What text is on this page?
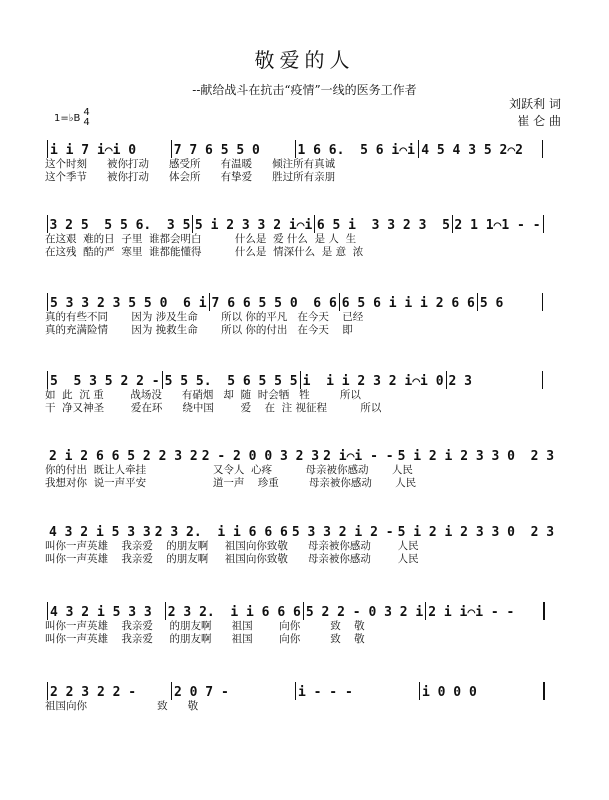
敬爱的人
--献给战斗在抗击“疫情”一线的医务工作者
1=♭B 4
4
刘跃利 词
崔 仑 曲
i i 7 i⌒i 0	7 7 6 5 5 0	1 6 6.  5 6 i⌒i 4 5 4 3 5 2⌒2
这个时刻      被你打动      感受所      有温暖      倾注所有真诚
这个季节      被你打动      体会所      有挚爱      胜过所有亲朋
3 2 5  5 5 6.  3 5 5 i 2 3 3 2 i⌒i 6 5 i  3 3 2 3  5 2 1 1⌒1 - -
在这艰  难的日  子里  谁都会明白          什么是  爱 什么  是 人  生
在这残  酷的严  寒里  谁都能懂得          什么是  情深什么  是 意  浓
5 3 3 2 3 5 5 0  6 i 7 6 6 5 5 0  6 6 6 5 6 i i i 2 6 6 5 6
真的有些不同       因为 涉及生命       所以 你的平凡   在今天    已经
真的充满险情       因为 挽救生命       所以 你的付出   在今天    即
5  5 3 5 2 2 - 5 5 5.  5 6 5 5 5 i  i i 2 3 2 i⌒i 0 2 3
如  此  沉 重        战场没      有硝烟   却  随  时会牺   牲         所以
干  净又神圣        爱在环      绕中国        爱    在  注 视征程          所以
2 i 2 6 6 5 2 2 3 2 2 - 2 0 0 3 2 3 2 i⌒i - - 5 i 2 i 2 3 3 0  2 3
你的付出  既让人牵挂                    又令人  心疼          母亲被你感动       人民
我想对你  说一声平安                    道一声    珍重         母亲被你感动       人民
4 3 2 i 5 3 3 2 3 2.  i i 6 6 6 5 3 3 2 i 2 - 5 i 2 i 2 3 3 0  2 3
叫你一声英雄    我亲爱    的朋友啊     祖国向你致敬      母亲被你感动        人民
叫你一声英雄    我亲爱    的朋友啊     祖国向你致敬      母亲被你感动        人民
4 3 2 i 5 3 3	2 3 2.  i i 6 6 6 5 2 2 - 0 3 2 i 2 i i⌒i - -
叫你一声英雄    我亲爱     的朋友啊      祖国        向你         致    敬
叫你一声英雄    我亲爱     的朋友啊      祖国        向你         致    敬
2 2 3 2 2 -	2 0 7 -	i - - -	i 0 0 0
祖国向你                     致      敬
